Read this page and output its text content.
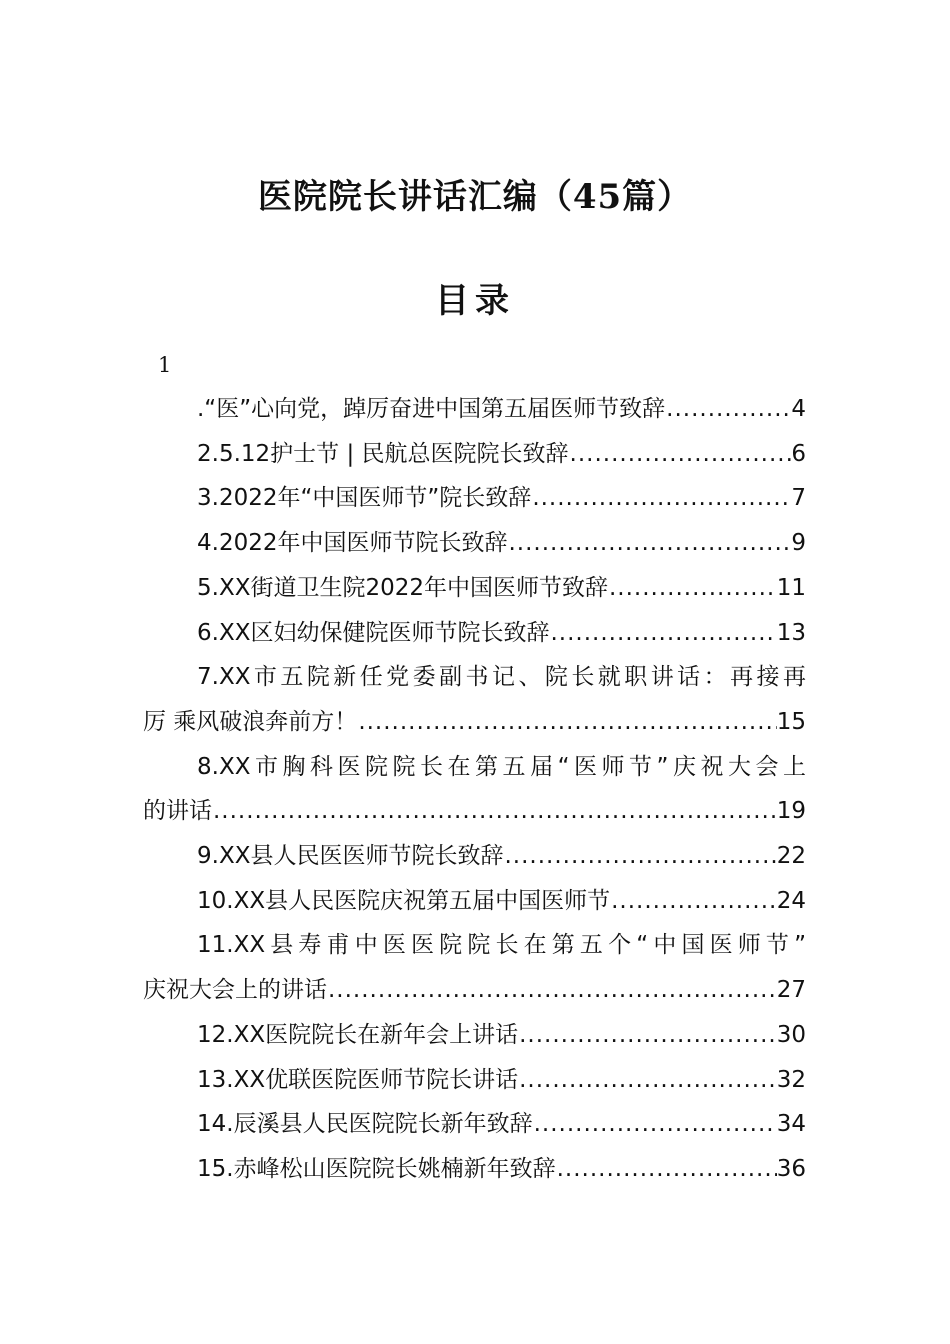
医院院长讲话汇编（45篇）
目录
1
.“医”心向党，踔厉奋进中国第五届医师节致辞 .....	4
2.5.12护士节 | 民航总医院院长致辞 .....	6
3.2022年“中国医师节”院长致辞 .....	7
4.2022年中国医师节院长致辞 .....	9
5.XX街道卫生院2022年中国医师节致辞 .....	11
6.XX区妇幼保健院医师节院长致辞 .....	13
7.XX市五院新任党委副书记、院长就职讲话：再接再
厉 乘风破浪奔前方！ .....	15
8.XX市胸科医院院长在第五届“医师节”庆祝大会上
的讲话 .....	19
9.XX县人民医医师节院长致辞 .....	22
10.XX县人民医院庆祝第五届中国医师节 .....	24
11.XX县寿甫中医医院院长在第五个“中国医师节”
庆祝大会上的讲话 .....	27
12.XX医院院长在新年会上讲话 .....	30
13.XX优联医院医师节院长讲话 .....	32
14.辰溪县人民医院院长新年致辞 .....	34
15.赤峰松山医院院长姚楠新年致辞 .....	36
